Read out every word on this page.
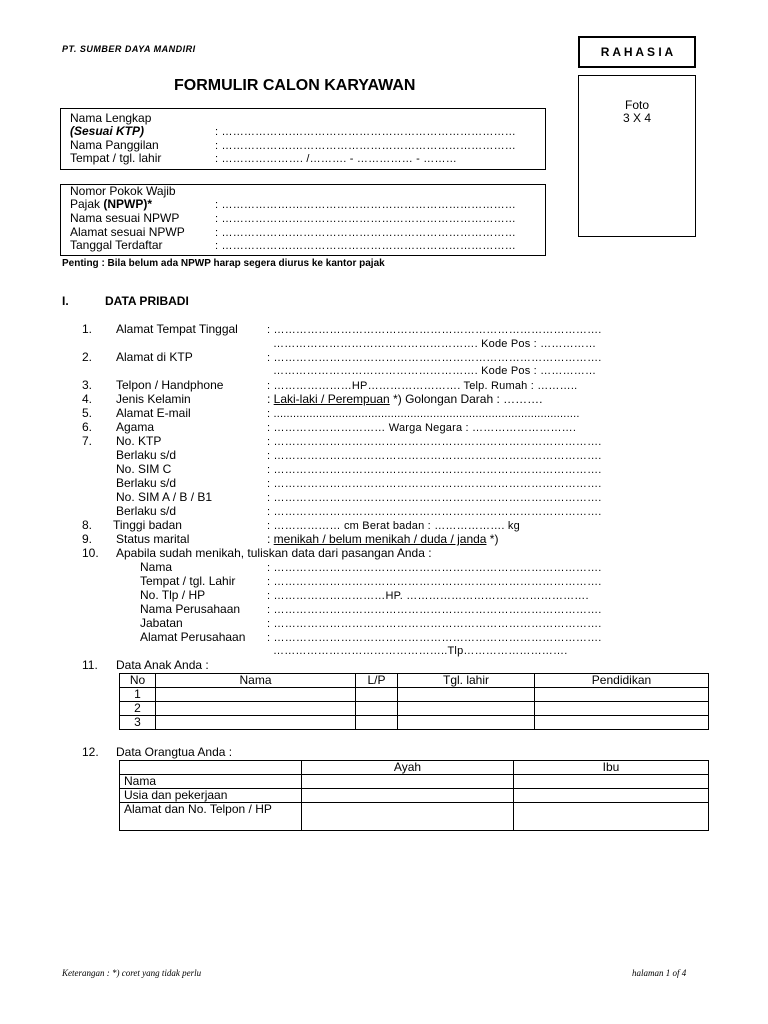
PT. SUMBER DAYA MANDIRI	R A H A S I A
FORMULIR CALON KARYAWAN
Foto
3 X 4
Nama Lengkap
(Sesuai KTP)	: ……………….……………………………………………………
Nama Panggilan	: ……………….……………………………………………………
Tempat / tgl. lahir	: …………………. /………. - …………… - ………
Nomor Pokok Wajib
Pajak (NPWP)*	: ……………….……………………………………………………
Nama sesuai NPWP	: ……………….……………………………………………………
Alamat sesuai NPWP	: ……………….……………………………………………………
Tanggal Terdaftar	: ……………….……………………………………………………
Penting : Bila belum ada NPWP harap segera diurus ke kantor pajak
I.	DATA PRIBADI
1. Alamat Tempat Tinggal	: …………………………………………………………………………….
………………………………………………. Kode Pos : ……………
2. Alamat di KTP	: …………………………………………………………………………….
………………………………………………. Kode Pos : ……………
3. Telpon / Handphone	: …………………HP……………………. Telp. Rumah : ………..
4. Jenis Kelamin	: Laki-laki / Perempuan *) Golongan Darah : ……….
5. Alamat E-mail	: ..............................................................................................
6. Agama	: ………………………… Warga Negara : ……………………….
7. No. KTP	: …………………………………………………………………………….
Berlaku s/d	: …………………………………………………………………………….
No. SIM C	: …………………………………………………………………………….
Berlaku s/d	: …………………………………………………………………………….
No. SIM A / B / B1	: …………………………………………………………………………….
Berlaku s/d	: …………………………………………………………………………….
8. Tinggi badan	: ……………… cm Berat badan : ………………. kg
9. Status marital	: menikah / belum menikah / duda / janda *)
10. Apabila sudah menikah, tuliskan data dari pasangan Anda :
Nama	: …………………………………………………………………………….
Tempat / tgl. Lahir	: …………………………………………………………………………….
No. Tlp / HP	: …………………………HP. ………………………………………….
Nama Perusahaan : …………………………………………………………………………….
Jabatan	: …………………………………………………………………………….
Alamat Perusahaan : …………………………………………………………………………….
………………………………………..Tlp……………………….
11. Data Anak Anda :
No	Nama	L/P	Tgl. lahir	Pendidikan
1				
2				
3				
12. Data Orangtua Anda :
	Ayah	Ibu
Nama		
Usia dan pekerjaan		
Alamat dan No. Telpon / HP		
Keterangan : *) coret yang tidak perlu	halaman 1 of 4
